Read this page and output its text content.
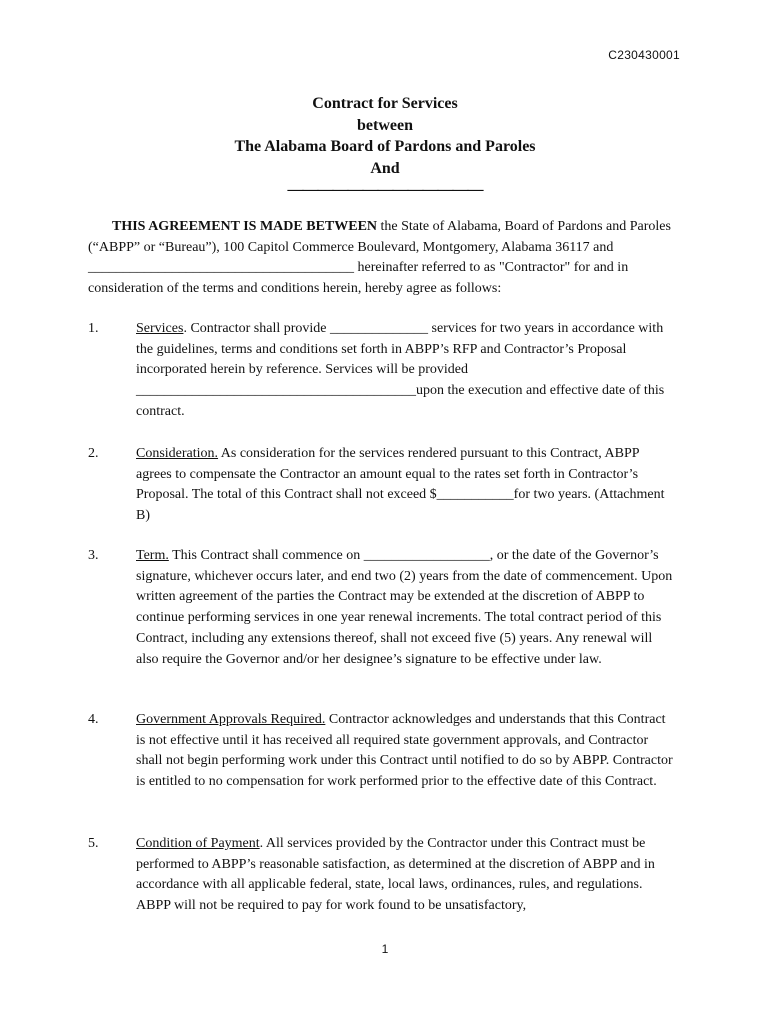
C230430001
Contract for Services
between
The Alabama Board of Pardons and Paroles
And
—————————————
THIS AGREEMENT IS MADE BETWEEN the State of Alabama, Board of Pardons and Paroles (“ABPP” or “Bureau”), 100 Capitol Commerce Boulevard, Montgomery, Alabama 36117 and ______________________________________ hereinafter referred to as "Contractor" for and in consideration of the terms and conditions herein, hereby agree as follows:
1.	Services. Contractor shall provide ______________ services for two years in accordance with the guidelines, terms and conditions set forth in ABPP’s RFP and Contractor’s Proposal incorporated herein by reference. Services will be provided ________________________________________upon the execution and effective date of this contract.
2.	Consideration. As consideration for the services rendered pursuant to this Contract, ABPP agrees to compensate the Contractor an amount equal to the rates set forth in Contractor’s Proposal. The total of this Contract shall not exceed $___________for two years. (Attachment B)
3.	Term. This Contract shall commence on __________________, or the date of the Governor’s signature, whichever occurs later, and end two (2) years from the date of commencement. Upon written agreement of the parties the Contract may be extended at the discretion of ABPP to continue performing services in one year renewal increments. The total contract period of this Contract, including any extensions thereof, shall not exceed five (5) years. Any renewal will also require the Governor and/or her designee’s signature to be effective under law.
4.	Government Approvals Required. Contractor acknowledges and understands that this Contract is not effective until it has received all required state government approvals, and Contractor shall not begin performing work under this Contract until notified to do so by ABPP. Contractor is entitled to no compensation for work performed prior to the effective date of this Contract.
5.	Condition of Payment. All services provided by the Contractor under this Contract must be performed to ABPP’s reasonable satisfaction, as determined at the discretion of ABPP and in accordance with all applicable federal, state, local laws, ordinances, rules, and regulations. ABPP will not be required to pay for work found to be unsatisfactory,
1
